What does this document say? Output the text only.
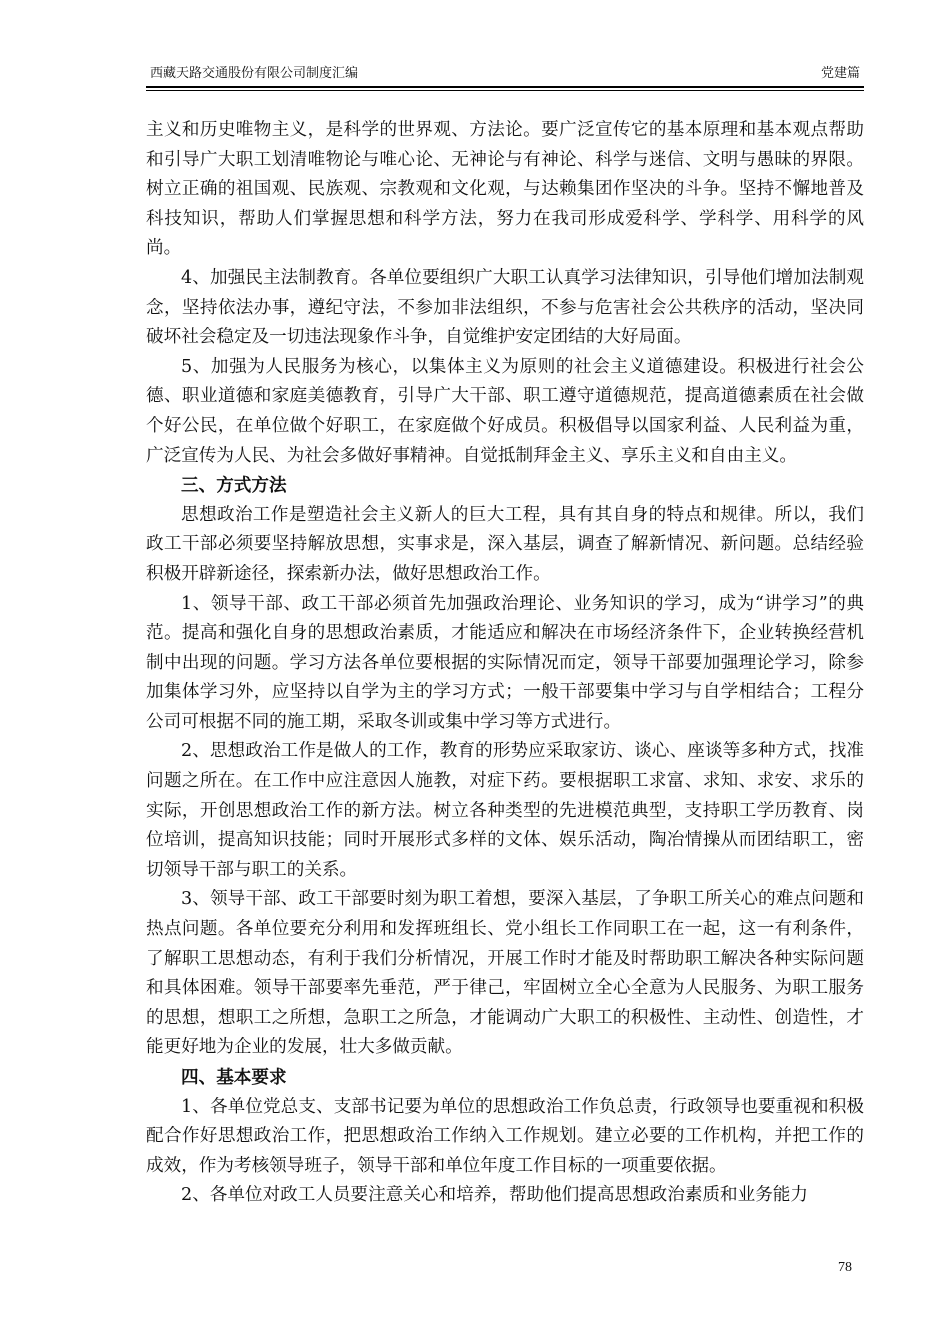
西藏天路交通股份有限公司制度汇编	党建篇

主义和历史唯物主义，是科学的世界观、方法论。要广泛宣传它的基本原理和基本观点帮助和引导广大职工划清唯物论与唯心论、无神论与有神论、科学与迷信、文明与愚昧的界限。树立正确的祖国观、民族观、宗教观和文化观，与达赖集团作坚决的斗争。坚持不懈地普及科技知识，帮助人们掌握思想和科学方法，努力在我司形成爱科学、学科学、用科学的风尚。

4、加强民主法制教育。各单位要组织广大职工认真学习法律知识，引导他们增加法制观念，坚持依法办事，遵纪守法，不参加非法组织，不参与危害社会公共秩序的活动，坚决同破坏社会稳定及一切违法现象作斗争，自觉维护安定团结的大好局面。

5、加强为人民服务为核心，以集体主义为原则的社会主义道德建设。积极进行社会公德、职业道德和家庭美德教育，引导广大干部、职工遵守道德规范，提高道德素质在社会做个好公民，在单位做个好职工，在家庭做个好成员。积极倡导以国家利益、人民利益为重，广泛宣传为人民、为社会多做好事精神。自觉抵制拜金主义、享乐主义和自由主义。

三、方式方法

思想政治工作是塑造社会主义新人的巨大工程，具有其自身的特点和规律。所以，我们政工干部必须要坚持解放思想，实事求是，深入基层，调查了解新情况、新问题。总结经验积极开辟新途径，探索新办法，做好思想政治工作。

1、领导干部、政工干部必须首先加强政治理论、业务知识的学习，成为“讲学习”的典范。提高和强化自身的思想政治素质，才能适应和解决在市场经济条件下，企业转换经营机制中出现的问题。学习方法各单位要根据的实际情况而定，领导干部要加强理论学习，除参加集体学习外，应坚持以自学为主的学习方式；一般干部要集中学习与自学相结合；工程分公司可根据不同的施工期，采取冬训或集中学习等方式进行。

2、思想政治工作是做人的工作，教育的形势应采取家访、谈心、座谈等多种方式，找准问题之所在。在工作中应注意因人施教，对症下药。要根据职工求富、求知、求安、求乐的实际，开创思想政治工作的新方法。树立各种类型的先进模范典型，支持职工学历教育、岗位培训，提高知识技能；同时开展形式多样的文体、娱乐活动，陶冶情操从而团结职工，密切领导干部与职工的关系。

3、领导干部、政工干部要时刻为职工着想，要深入基层，了争职工所关心的难点问题和热点问题。各单位要充分利用和发挥班组长、党小组长工作同职工在一起，这一有利条件，了解职工思想动态，有利于我们分析情况，开展工作时才能及时帮助职工解决各种实际问题和具体困难。领导干部要率先垂范，严于律己，牢固树立全心全意为人民服务、为职工服务的思想，想职工之所想，急职工之所急，才能调动广大职工的积极性、主动性、创造性，才能更好地为企业的发展，壮大多做贡献。

四、基本要求

1、各单位党总支、支部书记要为单位的思想政治工作负总责，行政领导也要重视和积极配合作好思想政治工作，把思想政治工作纳入工作规划。建立必要的工作机构，并把工作的成效，作为考核领导班子，领导干部和单位年度工作目标的一项重要依据。

2、各单位对政工人员要注意关心和培养，帮助他们提高思想政治素质和业务能力

78
